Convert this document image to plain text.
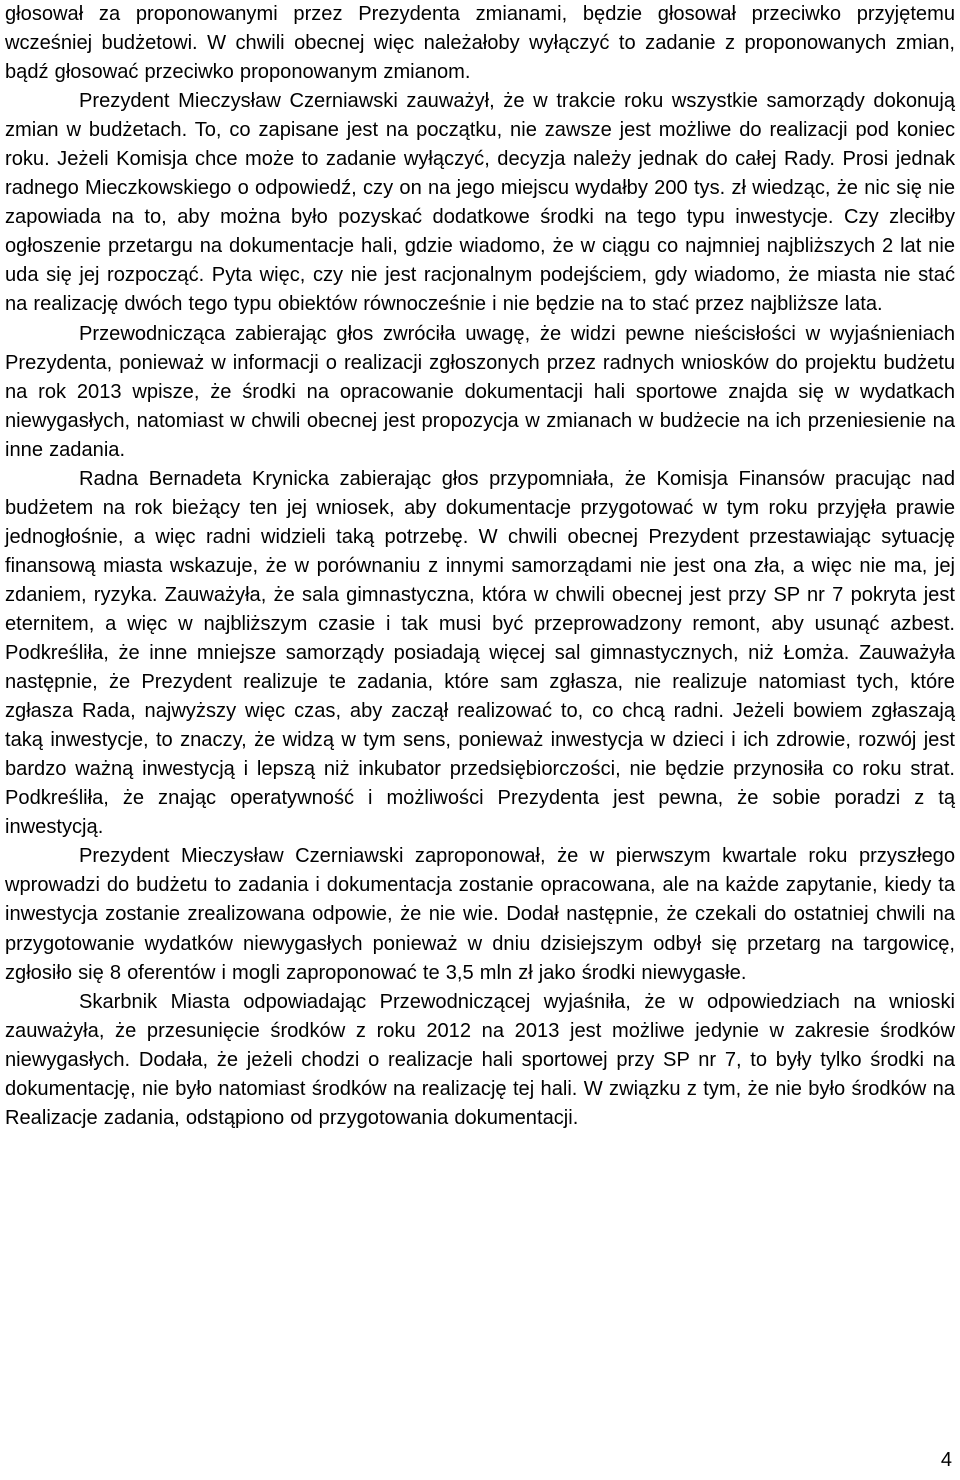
głosował za proponowanymi przez Prezydenta zmianami, będzie głosował przeciwko przyjętemu wcześniej budżetowi. W chwili obecnej więc należałoby wyłączyć to zadanie z proponowanych zmian, bądź głosować przeciwko proponowanym zmianom.

Prezydent Mieczysław Czerniawski zauważył, że w trakcie roku wszystkie samorządy dokonują zmian w budżetach. To, co zapisane jest na początku, nie zawsze jest możliwe do realizacji pod koniec roku. Jeżeli Komisja chce może to zadanie wyłączyć, decyzja należy jednak do całej Rady. Prosi jednak radnego Mieczkowskiego o odpowiedź, czy on na jego miejscu wydałby 200 tys. zł wiedząc, że nic się nie zapowiada na to, aby można było pozyskać dodatkowe środki na tego typu inwestycje. Czy zleciłby ogłoszenie przetargu na dokumentacje hali, gdzie wiadomo, że w ciągu co najmniej najbliższych 2 lat nie uda się jej rozpocząć. Pyta więc, czy nie jest racjonalnym podejściem, gdy wiadomo, że miasta nie stać na realizację dwóch tego typu obiektów równocześnie i nie będzie na to stać przez najbliższe lata.

Przewodnicząca zabierając głos zwróciła uwagę, że widzi pewne nieścisłości w wyjaśnieniach Prezydenta, ponieważ w informacji o realizacji zgłoszonych przez radnych wniosków do projektu budżetu na rok 2013 wpisze, że środki na opracowanie dokumentacji hali sportowe znajda się w wydatkach niewygasłych, natomiast w chwili obecnej jest propozycja w zmianach w budżecie na ich przeniesienie na inne zadania.

Radna Bernadeta Krynicka zabierając głos przypomniała, że Komisja Finansów pracując nad budżetem na rok bieżący ten jej wniosek, aby dokumentacje przygotować w tym roku przyjęła prawie jednogłośnie, a więc radni widzieli taką potrzebę. W chwili obecnej Prezydent przestawiając sytuację finansową miasta wskazuje, że w porównaniu z innymi samorządami nie jest ona zła, a więc nie ma, jej zdaniem, ryzyka. Zauważyła, że sala gimnastyczna, która w chwili obecnej jest przy SP nr 7 pokryta jest eternitem, a więc w najbliższym czasie i tak musi być przeprowadzony remont, aby usunąć azbest. Podkreśliła, że inne mniejsze samorządy posiadają więcej sal gimnastycznych, niż Łomża. Zauważyła następnie, że Prezydent realizuje te zadania, które sam zgłasza, nie realizuje natomiast tych, które zgłasza Rada, najwyższy więc czas, aby zaczął realizować to, co chcą radni. Jeżeli bowiem zgłaszają taką inwestycje, to znaczy, że widzą w tym sens, ponieważ inwestycja w dzieci i ich zdrowie, rozwój jest bardzo ważną inwestycją i lepszą niż inkubator przedsiębiorczości, nie będzie przynosiła co roku strat. Podkreśliła, że znając operatywność i możliwości Prezydenta jest pewna, że sobie poradzi z tą inwestycją.

Prezydent Mieczysław Czerniawski zaproponował, że w pierwszym kwartale roku przyszłego wprowadzi do budżetu to zadania i dokumentacja zostanie opracowana, ale na każde zapytanie, kiedy ta inwestycja zostanie zrealizowana odpowie, że nie wie. Dodał następnie, że czekali do ostatniej chwili na przygotowanie wydatków niewygasłych ponieważ w dniu dzisiejszym odbył się przetarg na targowicę, zgłosiło się 8 oferentów i mogli zaproponować te 3,5 mln zł jako środki niewygasłe.

Skarbnik Miasta odpowiadając Przewodniczącej wyjaśniła, że w odpowiedziach na wnioski zauważyła, że przesunięcie środków z roku 2012 na 2013 jest możliwe jedynie w zakresie środków niewygasłych. Dodała, że jeżeli chodzi o realizacje hali sportowej przy SP nr 7, to były tylko środki na dokumentację, nie było natomiast środków na realizację tej hali. W związku z tym, że nie było środków na Realizacje zadania, odstąpiono od przygotowania dokumentacji.

4
